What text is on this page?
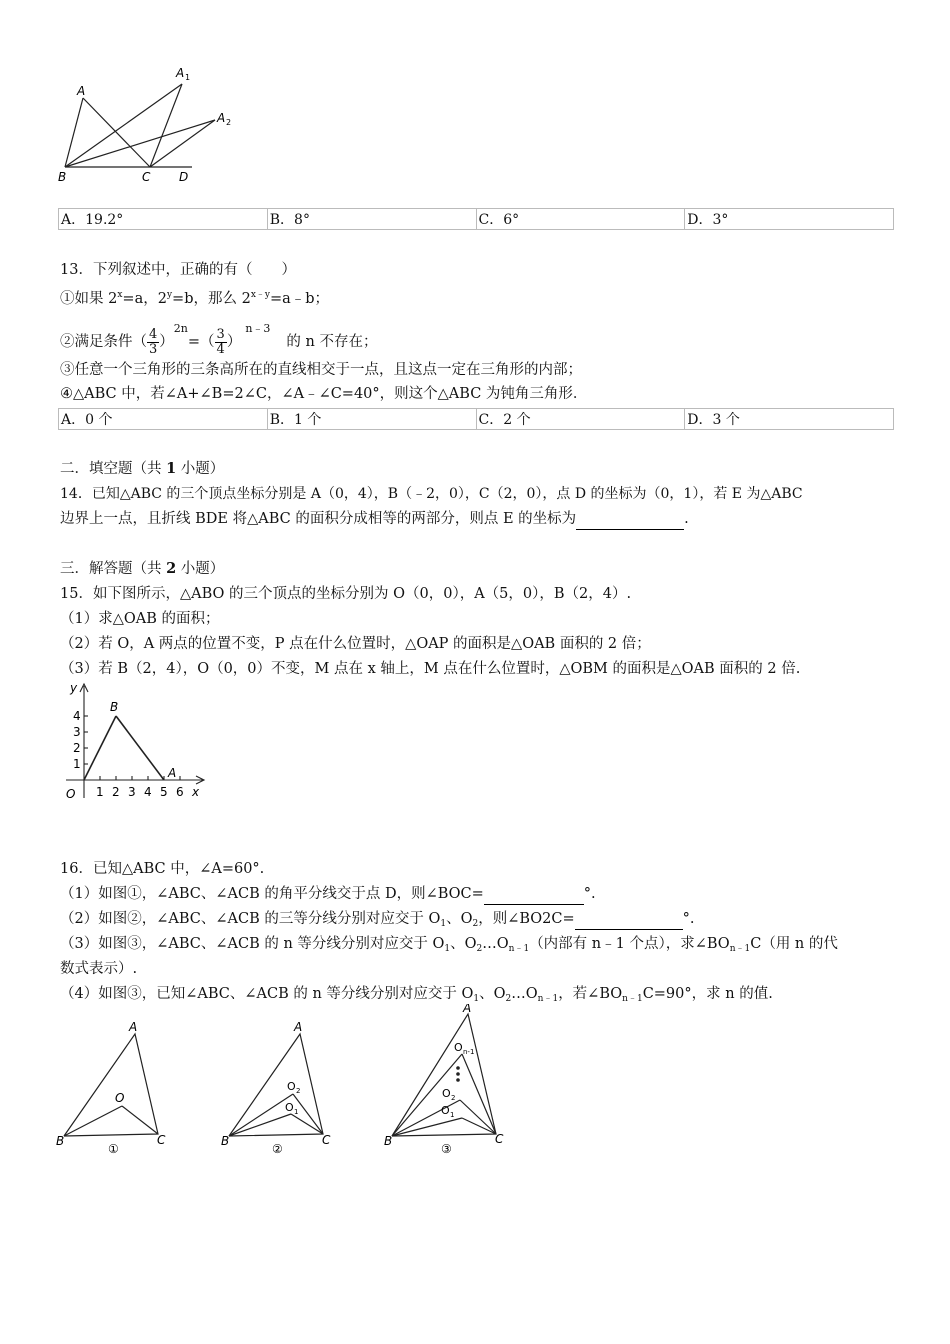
A
A 1
A 2
B	C D
A．19.2°	B．8°	C．6°	D．3°
13．下列叙述中，正确的有（　　）
①如果 $2^x=a$，$2^y=b$，那么 $2^{x﹣y}=a﹣b$；
②满足条件（ $\frac{4}{3} )^{2n}=( \frac{3}{4} )^{n﹣3}$的 n 不存在；
③任意一个三角形的三条高所在的直线相交于一点，且这点一定在三角形的内部；
④△ABC 中，若∠A+∠B=2∠C，∠A﹣∠C=40°，则这个△ABC 为钝角三角形．
A．0 个	B．1 个	C．2 个	D．3 个
二．填空题（共 1 小题）
14．已知△ABC 的三个顶点坐标分别是 A（0，4），B（﹣2，0），C（2，0），点 D 的坐标为（0，1），若 E 为△ABC
边界上一点，且折线 BDE 将△ABC 的面积分成相等的两部分，则点 E 的坐标为	.
三．解答题（共 2 小题）
15．如下图所示，△ABO 的三个顶点的坐标分别为 O（0，0），A（5，0），B（2，4）.
（1）求△OAB 的面积；
（2）若 O，A 两点的位置不变，P 点在什么位置时，△OAP 的面积是△OAB 面积的 2 倍；
（3）若 B（2，4），O（0，0）不变，M 点在 x 轴上，M 点在什么位置时，△OBM 的面积是△OAB 面积的 2 倍.
y
x
O
B
A
1
2
3
4
1 2 3 4 5 6
16．已知△ABC 中，∠A=60°.
（1）如图①，∠ABC、∠ACB 的角平分线交于点 D，则∠BOC=	°.
（2）如图②，∠ABC、∠ACB 的三等分线分别对应交于 $O_1$、$O_2$，则∠BO2C=	°.
（3）如图③，∠ABC、∠ACB 的 n 等分线分别对应交于 $O_1$、$O_2\dots O_{n﹣1}$（内部有 n﹣1 个点），求$\angle BO_{n﹣1}C$（用 n 的代
数式表示）.
（4）如图③，已知∠ABC、∠ACB 的 n 等分线分别对应交于 $O_1$、$O_2\dots O_{n﹣1}$，若$\angle BO_{n﹣1}C=90^\circ$，求 n 的值.
A
B	C
O
①
A
B	C
O 1
O 2
②
A
B	C
O 1
O 2
O n-1
③
